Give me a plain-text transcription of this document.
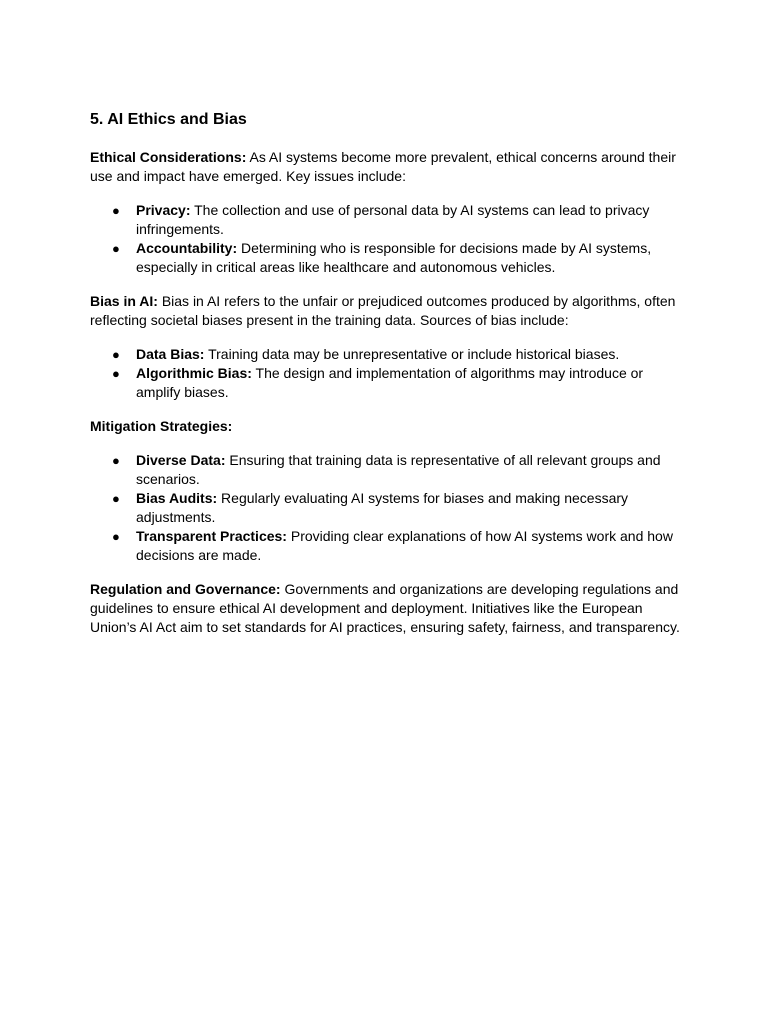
5. AI Ethics and Bias

Ethical Considerations: As AI systems become more prevalent, ethical concerns around their use and impact have emerged. Key issues include:

● Privacy: The collection and use of personal data by AI systems can lead to privacy infringements.
● Accountability: Determining who is responsible for decisions made by AI systems, especially in critical areas like healthcare and autonomous vehicles.

Bias in AI: Bias in AI refers to the unfair or prejudiced outcomes produced by algorithms, often reflecting societal biases present in the training data. Sources of bias include:

● Data Bias: Training data may be unrepresentative or include historical biases.
● Algorithmic Bias: The design and implementation of algorithms may introduce or amplify biases.

Mitigation Strategies:

● Diverse Data: Ensuring that training data is representative of all relevant groups and scenarios.
● Bias Audits: Regularly evaluating AI systems for biases and making necessary adjustments.
● Transparent Practices: Providing clear explanations of how AI systems work and how decisions are made.

Regulation and Governance: Governments and organizations are developing regulations and guidelines to ensure ethical AI development and deployment. Initiatives like the European Union’s AI Act aim to set standards for AI practices, ensuring safety, fairness, and transparency.
